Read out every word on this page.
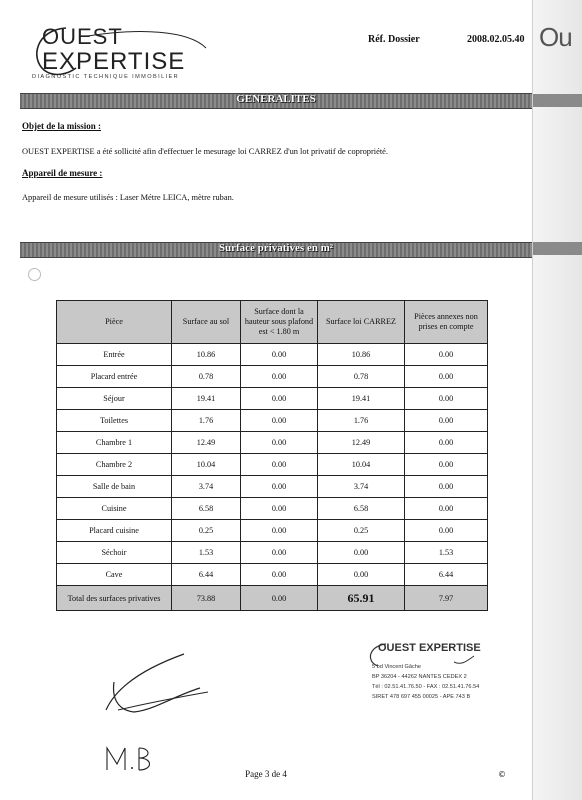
Ou
OUEST
EXPERTISE
DIAGNOSTIC TECHNIQUE IMMOBILIER
Réf. Dossier	2008.02.05.40
GENERALITES
Objet de la mission :
OUEST EXPERTISE a été sollicité afin d'effectuer le mesurage loi CARREZ d'un lot privatif de copropriété.
Appareil de mesure :
Appareil de mesure utilisés : Laser Métre LEICA, mètre ruban.
Surface privatives en m²
Pièce	Surface au sol	Surface dont la hauteur sous plafond est < 1.80 m	Surface loi CARREZ	Pièces annexes non prises en compte
Entrée	10.86	0.00	10.86	0.00
Placard entrée	0.78	0.00	0.78	0.00
Séjour	19.41	0.00	19.41	0.00
Toilettes	1.76	0.00	1.76	0.00
Chambre 1	12.49	0.00	12.49	0.00
Chambre 2	10.04	0.00	10.04	0.00
Salle de bain	3.74	0.00	3.74	0.00
Cuisine	6.58	0.00	6.58	0.00
Placard cuisine	0.25	0.00	0.25	0.00
Séchoir	1.53	0.00	0.00	1.53
Cave	6.44	0.00	0.00	6.44
Total des surfaces privatives	73.88	0.00	65.91	7.97
OUEST EXPERTISE
5 bd Vincent Gâche
BP 36204 - 44262 NANTES CEDEX 2
Tél : 02.51.41.76.50 - FAX : 02.51.41.76.54
SIRET 478 697 455 00025 - APE 743 B
Page 3 de 4	©
